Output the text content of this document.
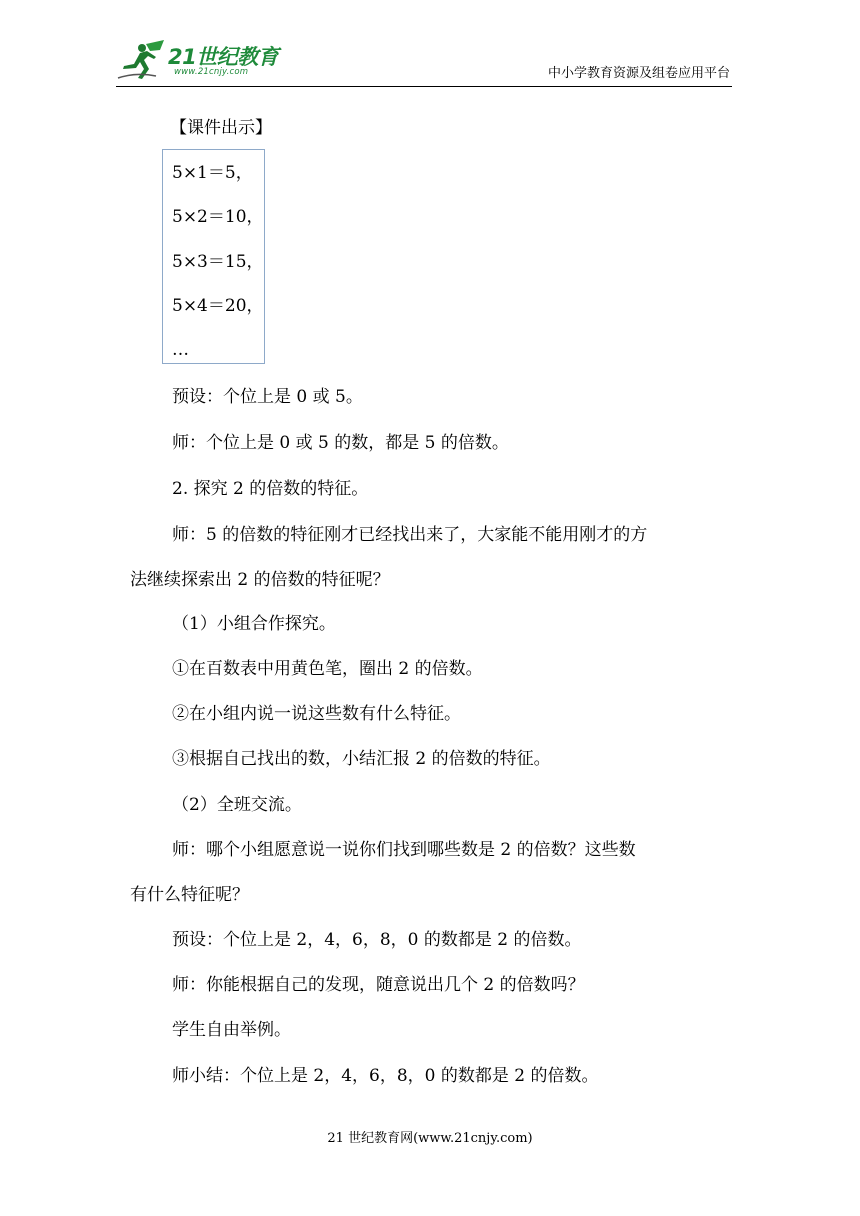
21世纪教育
www.21cnjy.com	中小学教育资源及组卷应用平台
【课件出示】
5×1＝5，
5×2＝10，
5×3＝15，
5×4＝20，
…
预设：个位上是 0 或 5。
师：个位上是 0 或 5 的数，都是 5 的倍数。
2. 探究 2 的倍数的特征。
师：5 的倍数的特征刚才已经找出来了，大家能不能用刚才的方
法继续探索出 2 的倍数的特征呢？
（1）小组合作探究。
①在百数表中用黄色笔，圈出 2 的倍数。
②在小组内说一说这些数有什么特征。
③根据自己找出的数，小结汇报 2 的倍数的特征。
（2）全班交流。
师：哪个小组愿意说一说你们找到哪些数是 2 的倍数？这些数
有什么特征呢？
预设：个位上是 2，4，6，8，0 的数都是 2 的倍数。
师：你能根据自己的发现，随意说出几个 2 的倍数吗？
学生自由举例。
师小结：个位上是 2，4，6，8，0 的数都是 2 的倍数。
21 世纪教育网(www.21cnjy.com)
